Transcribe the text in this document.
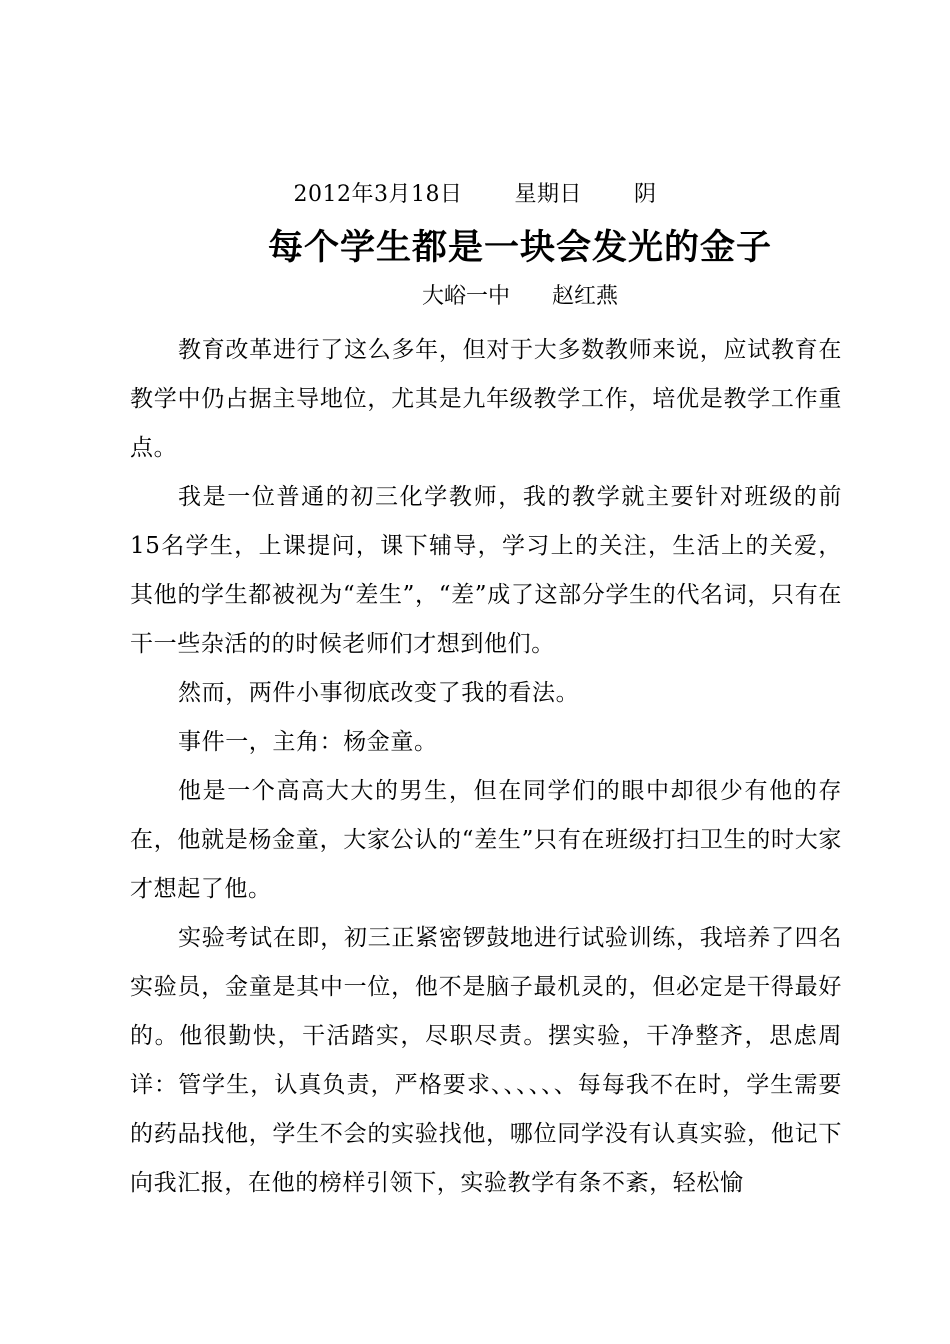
2012年3月18日 星期日 阴
每个学生都是一块会发光的金子
大峪一中 赵红燕

教育改革进行了这么多年，但对于大多数教师来说，应试教育在教学中仍占据主导地位，尤其是九年级教学工作，培优是教学工作重点。

我是一位普通的初三化学教师，我的教学就主要针对班级的前15名学生，上课提问，课下辅导，学习上的关注，生活上的关爱，其他的学生都被视为“差生”，“差”成了这部分学生的代名词，只有在干一些杂活的的时候老师们才想到他们。

然而，两件小事彻底改变了我的看法。

事件一，主角：杨金童。

他是一个高高大大的男生，但在同学们的眼中却很少有他的存在，他就是杨金童，大家公认的“差生”只有在班级打扫卫生的时大家才想起了他。

实验考试在即，初三正紧密锣鼓地进行试验训练，我培养了四名实验员，金童是其中一位，他不是脑子最机灵的，但必定是干得最好的。他很勤快，干活踏实，尽职尽责。摆实验，干净整齐，思虑周详：管学生，认真负责，严格要求、、、、、、每每我不在时，学生需要的药品找他，学生不会的实验找他，哪位同学没有认真实验，他记下向我汇报，在他的榜样引领下，实验教学有条不紊，轻松愉
